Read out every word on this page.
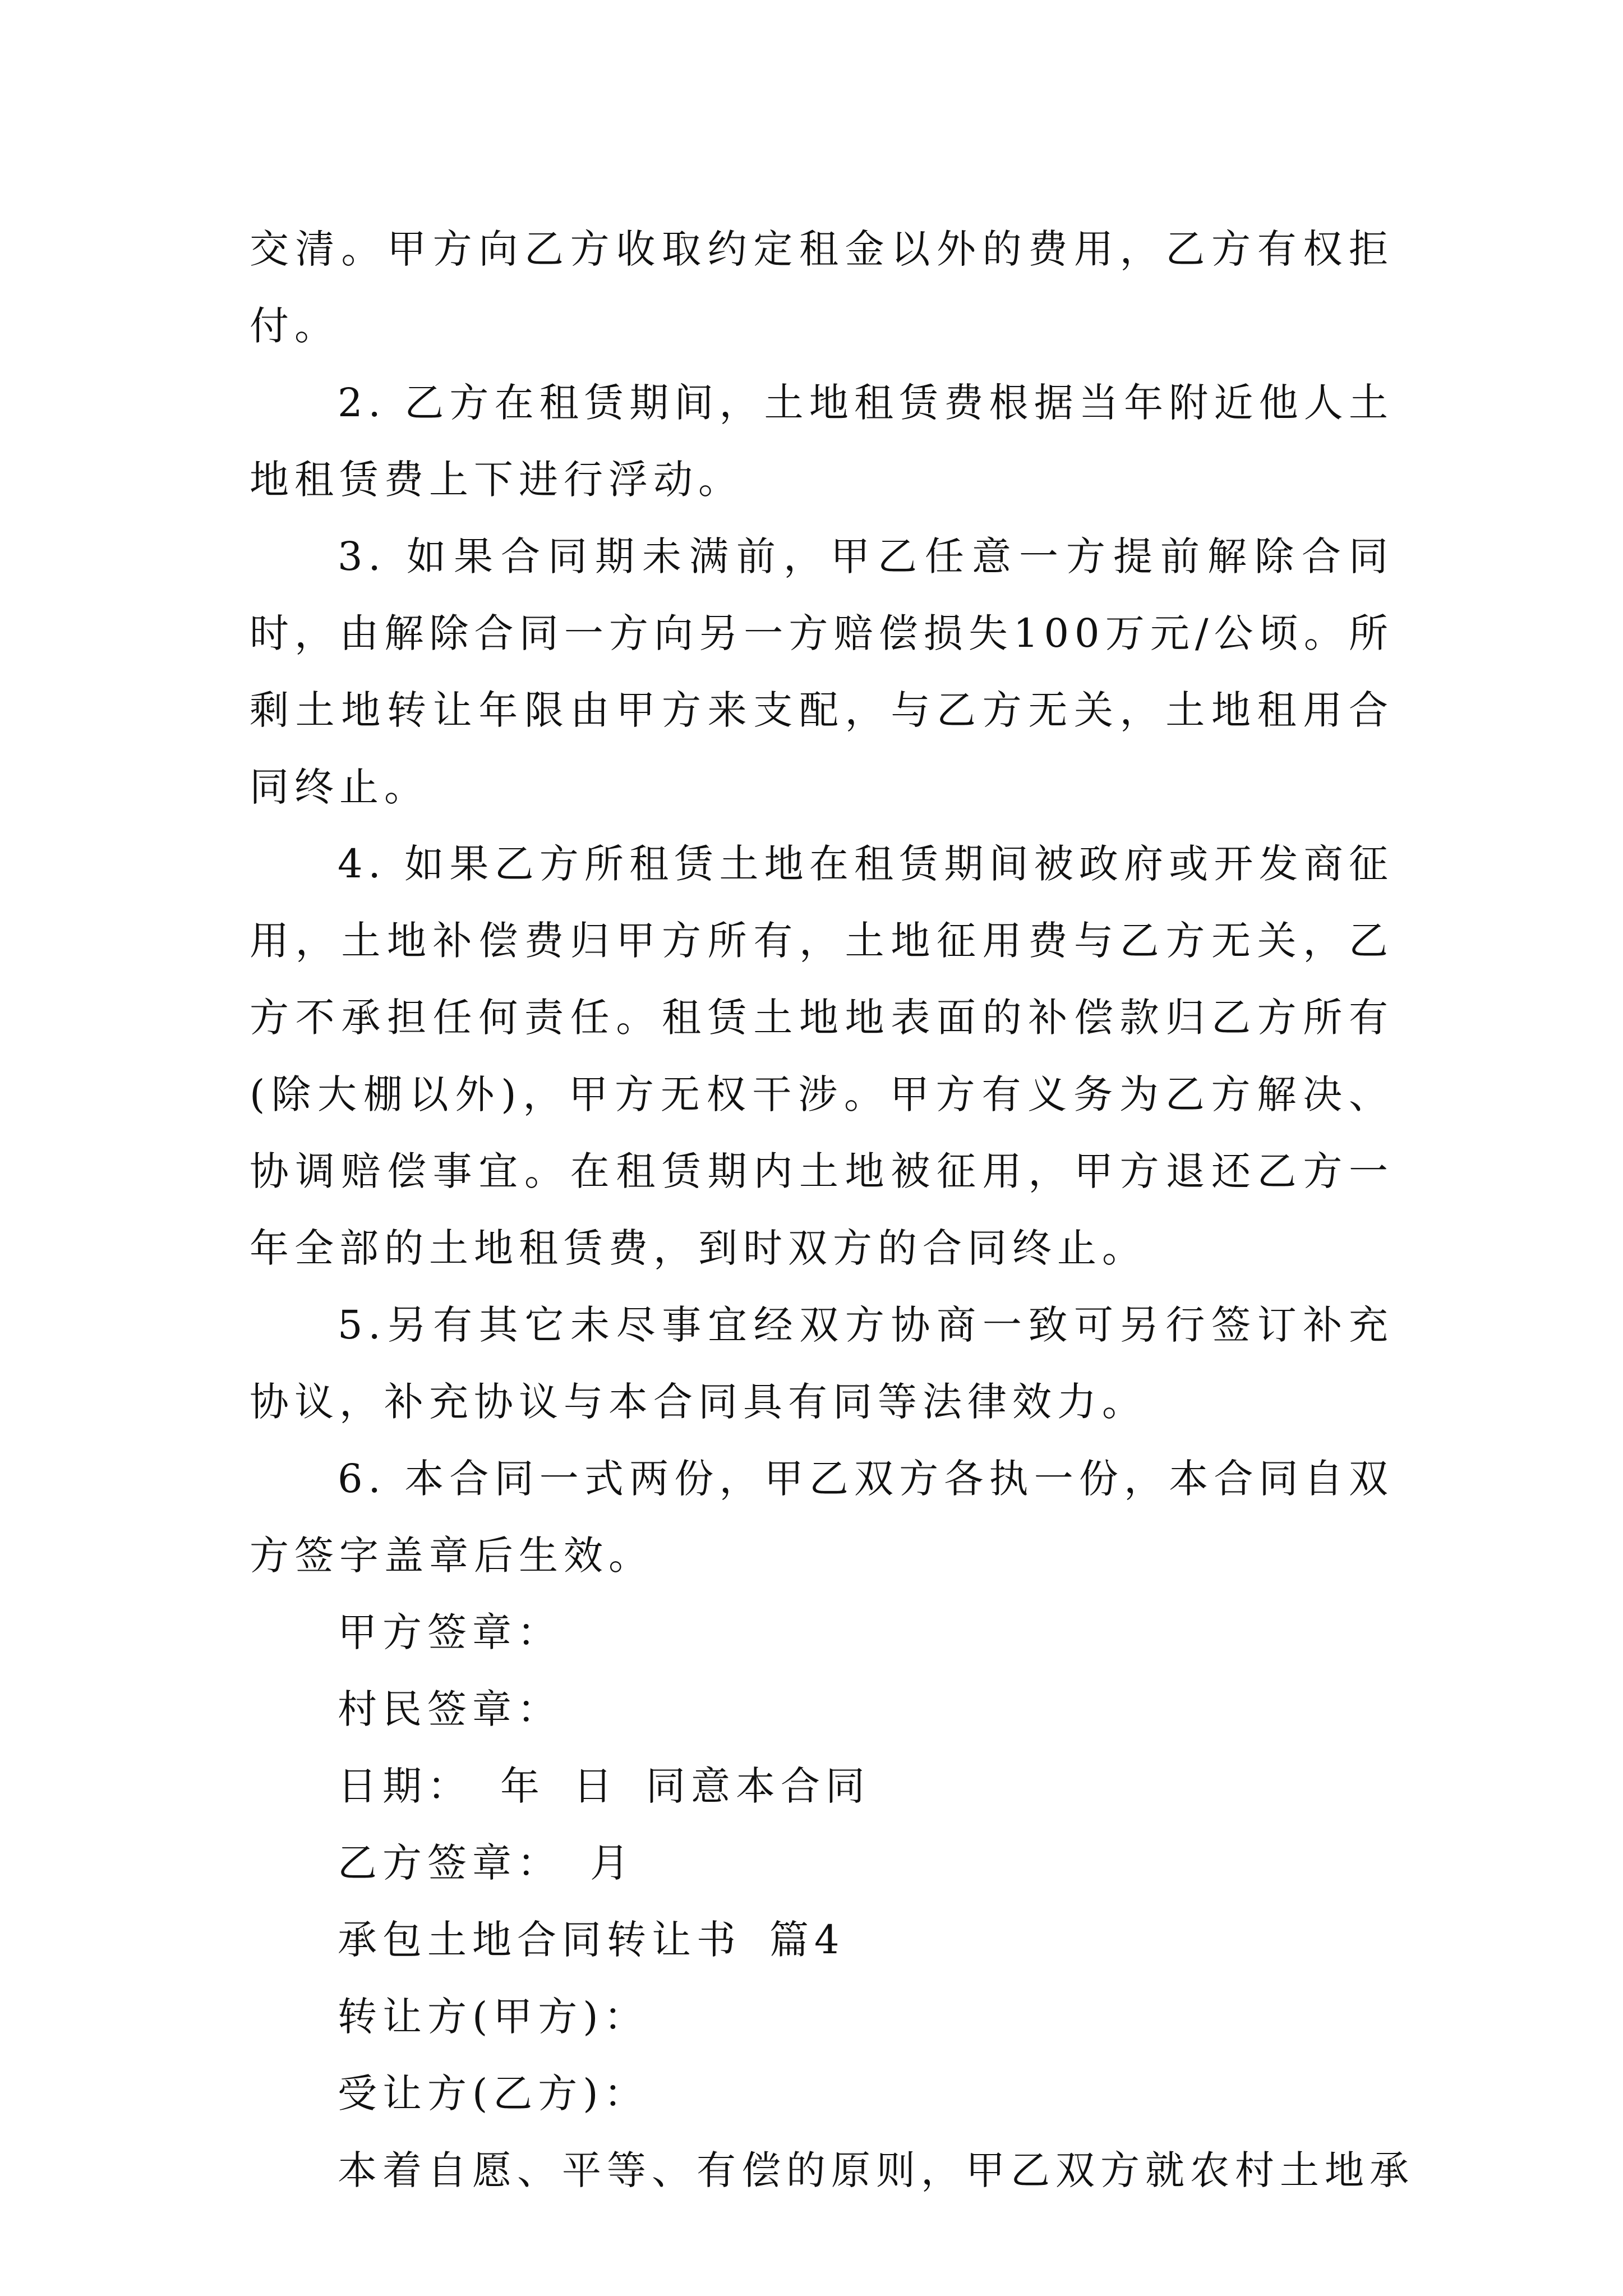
交清。甲方向乙方收取约定租金以外的费用，乙方有权拒付。

2. 乙方在租赁期间，土地租赁费根据当年附近他人土地租赁费上下进行浮动。

3. 如果合同期未满前，甲乙任意一方提前解除合同时，由解除合同一方向另一方赔偿损失100万元/公顷。所剩土地转让年限由甲方来支配，与乙方无关，土地租用合同终止。

4. 如果乙方所租赁土地在租赁期间被政府或开发商征用，土地补偿费归甲方所有，土地征用费与乙方无关，乙方不承担任何责任。租赁土地地表面的补偿款归乙方所有(除大棚以外)，甲方无权干涉。甲方有义务为乙方解决、协调赔偿事宜。在租赁期内土地被征用，甲方退还乙方一年全部的土地租赁费，到时双方的合同终止。

5.另有其它未尽事宜经双方协商一致可另行签订补充协议，补充协议与本合同具有同等法律效力。

6. 本合同一式两份，甲乙双方各执一份，本合同自双方签字盖章后生效。

甲方签章：

村民签章：

日期： 年 日 同意本合同

乙方签章： 月

承包土地合同转让书 篇4

转让方(甲方)：

受让方(乙方)：

本着自愿、平等、有偿的原则，甲乙双方就农村土地承
